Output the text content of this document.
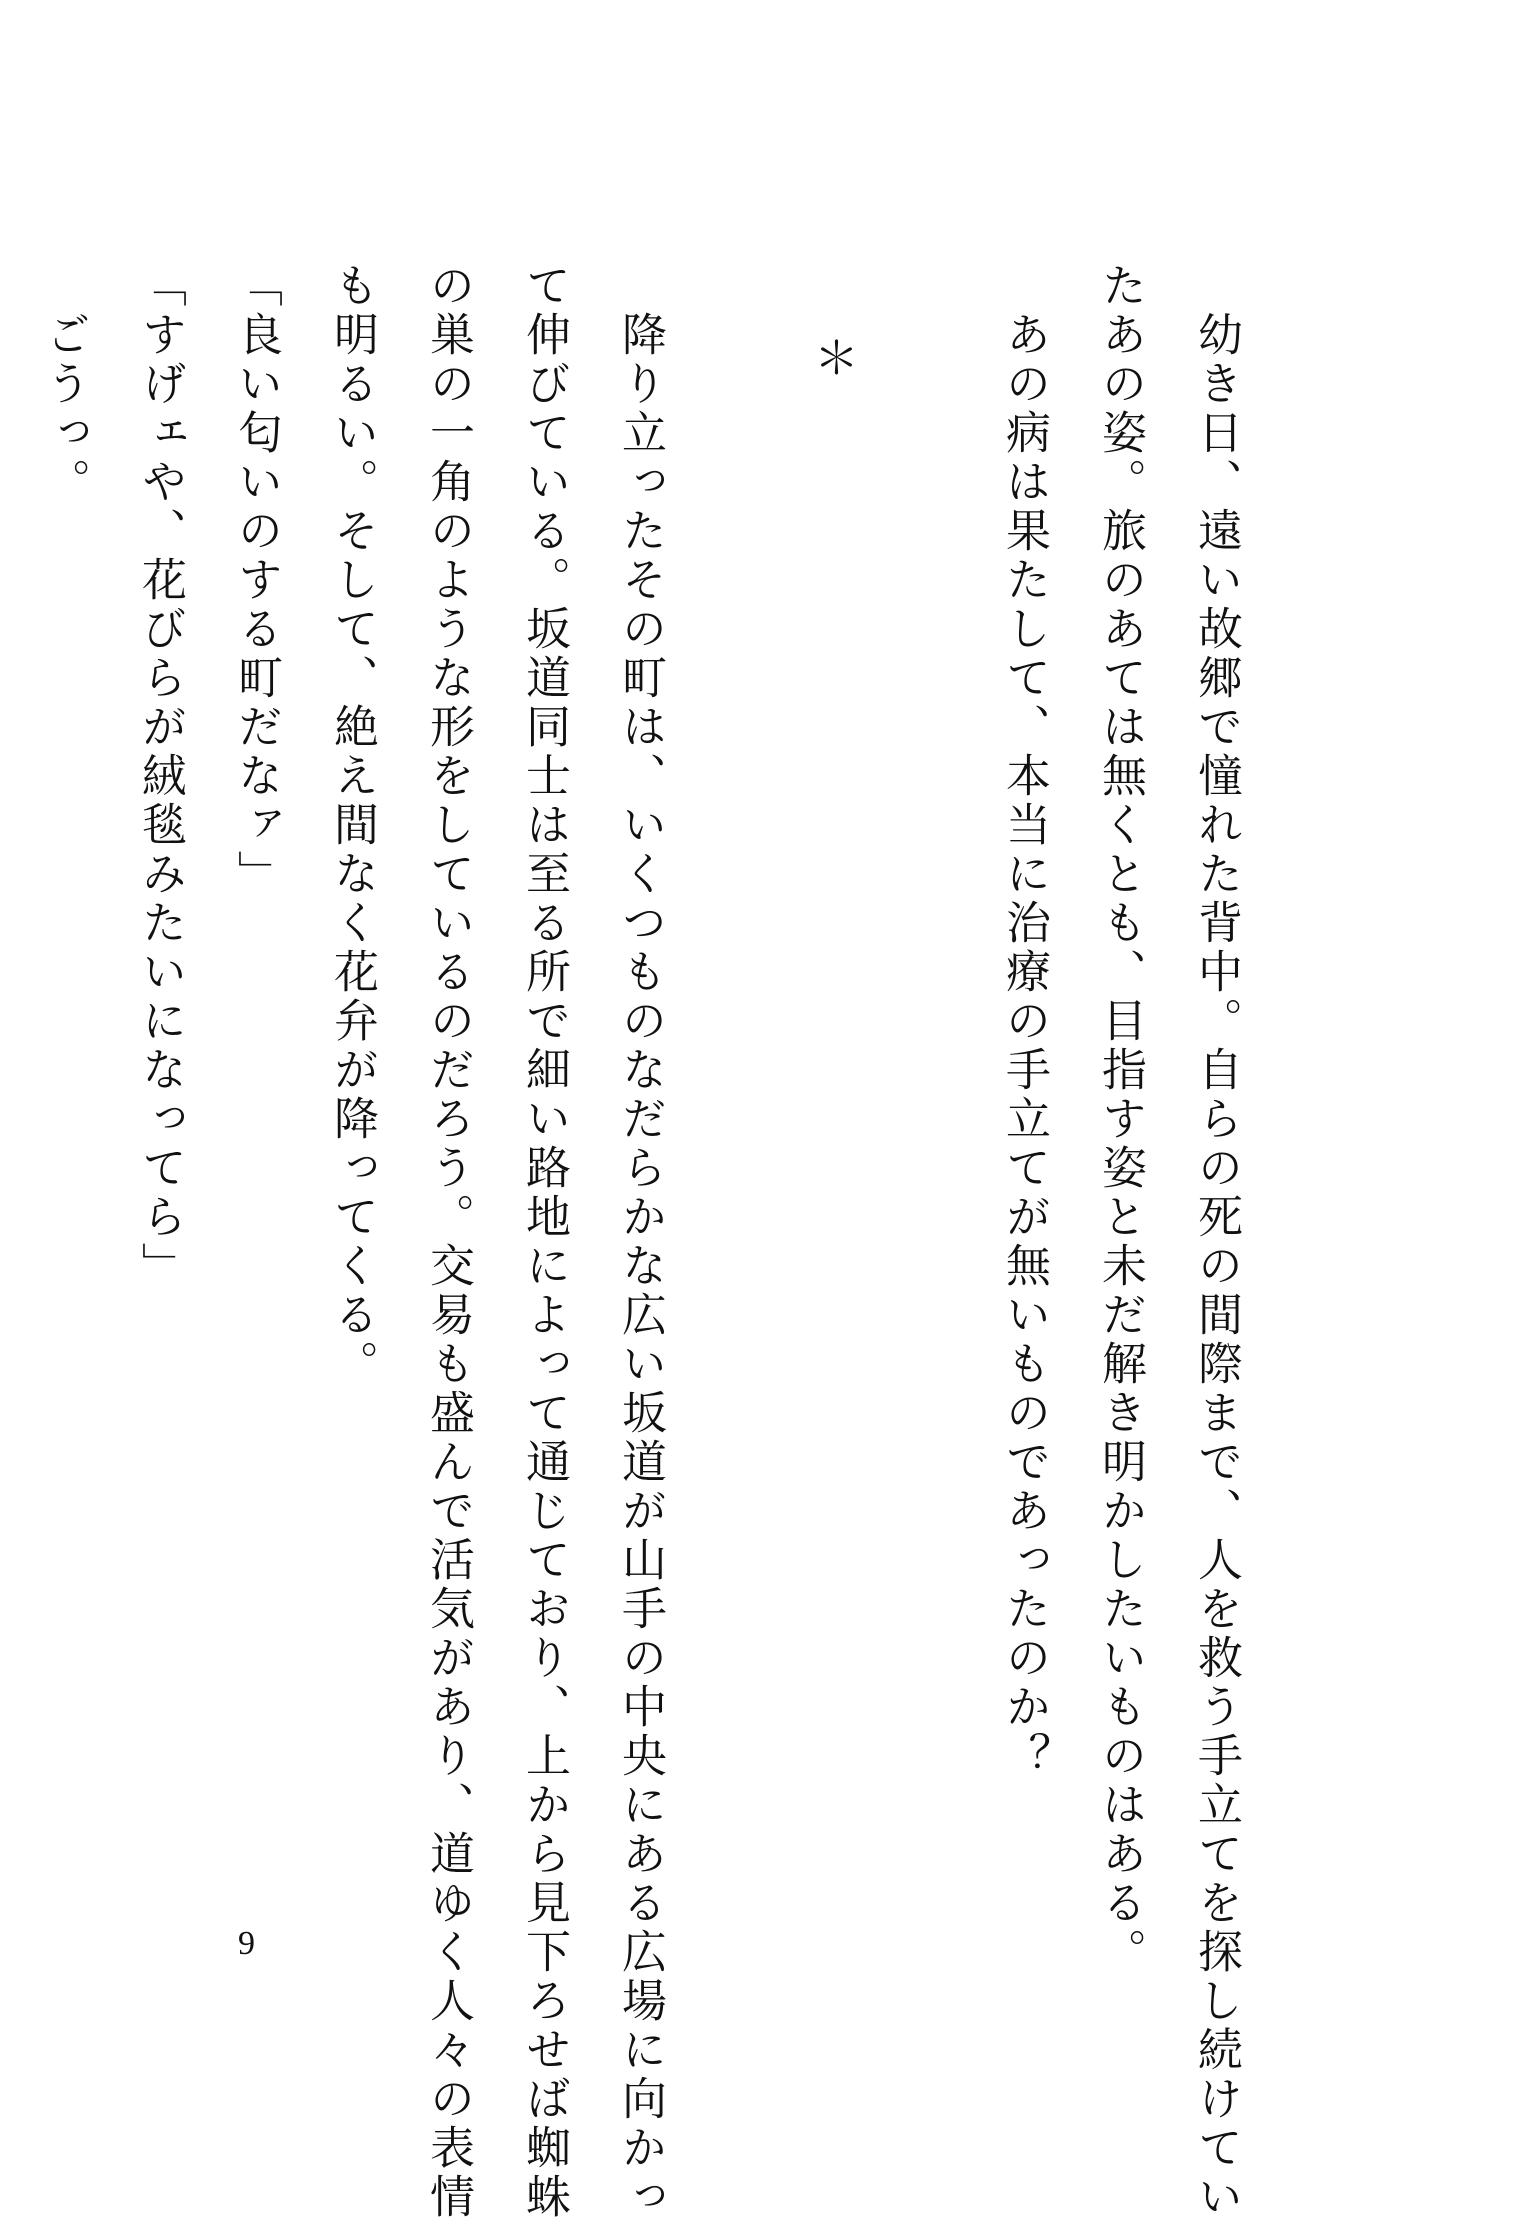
　幼き日、遠い故郷で憧れた背中。自らの死の間際まで、人を救う手立てを探し続けてい
たあの姿。旅のあては無くとも、目指す姿と未だ解き明かしたいものはある。
　あの病は果たして、本当に治療の手立てが無いものであったのか？
＊
　降り立ったその町は、いくつものなだらかな広い坂道が山手の中央にある広場に向かっ
て伸びている。坂道同士は至る所で細い路地によって通じており、上から見下ろせば蜘蛛
の巣の一角のような形をしているのだろう。交易も盛んで活気があり、道ゆく人々の表情
も明るい。そして、絶え間なく花弁が降ってくる。
「良い匂いのする町だなァ」
「すげェや、花びらが絨毯みたいになってら」
　ごうっ。
9
